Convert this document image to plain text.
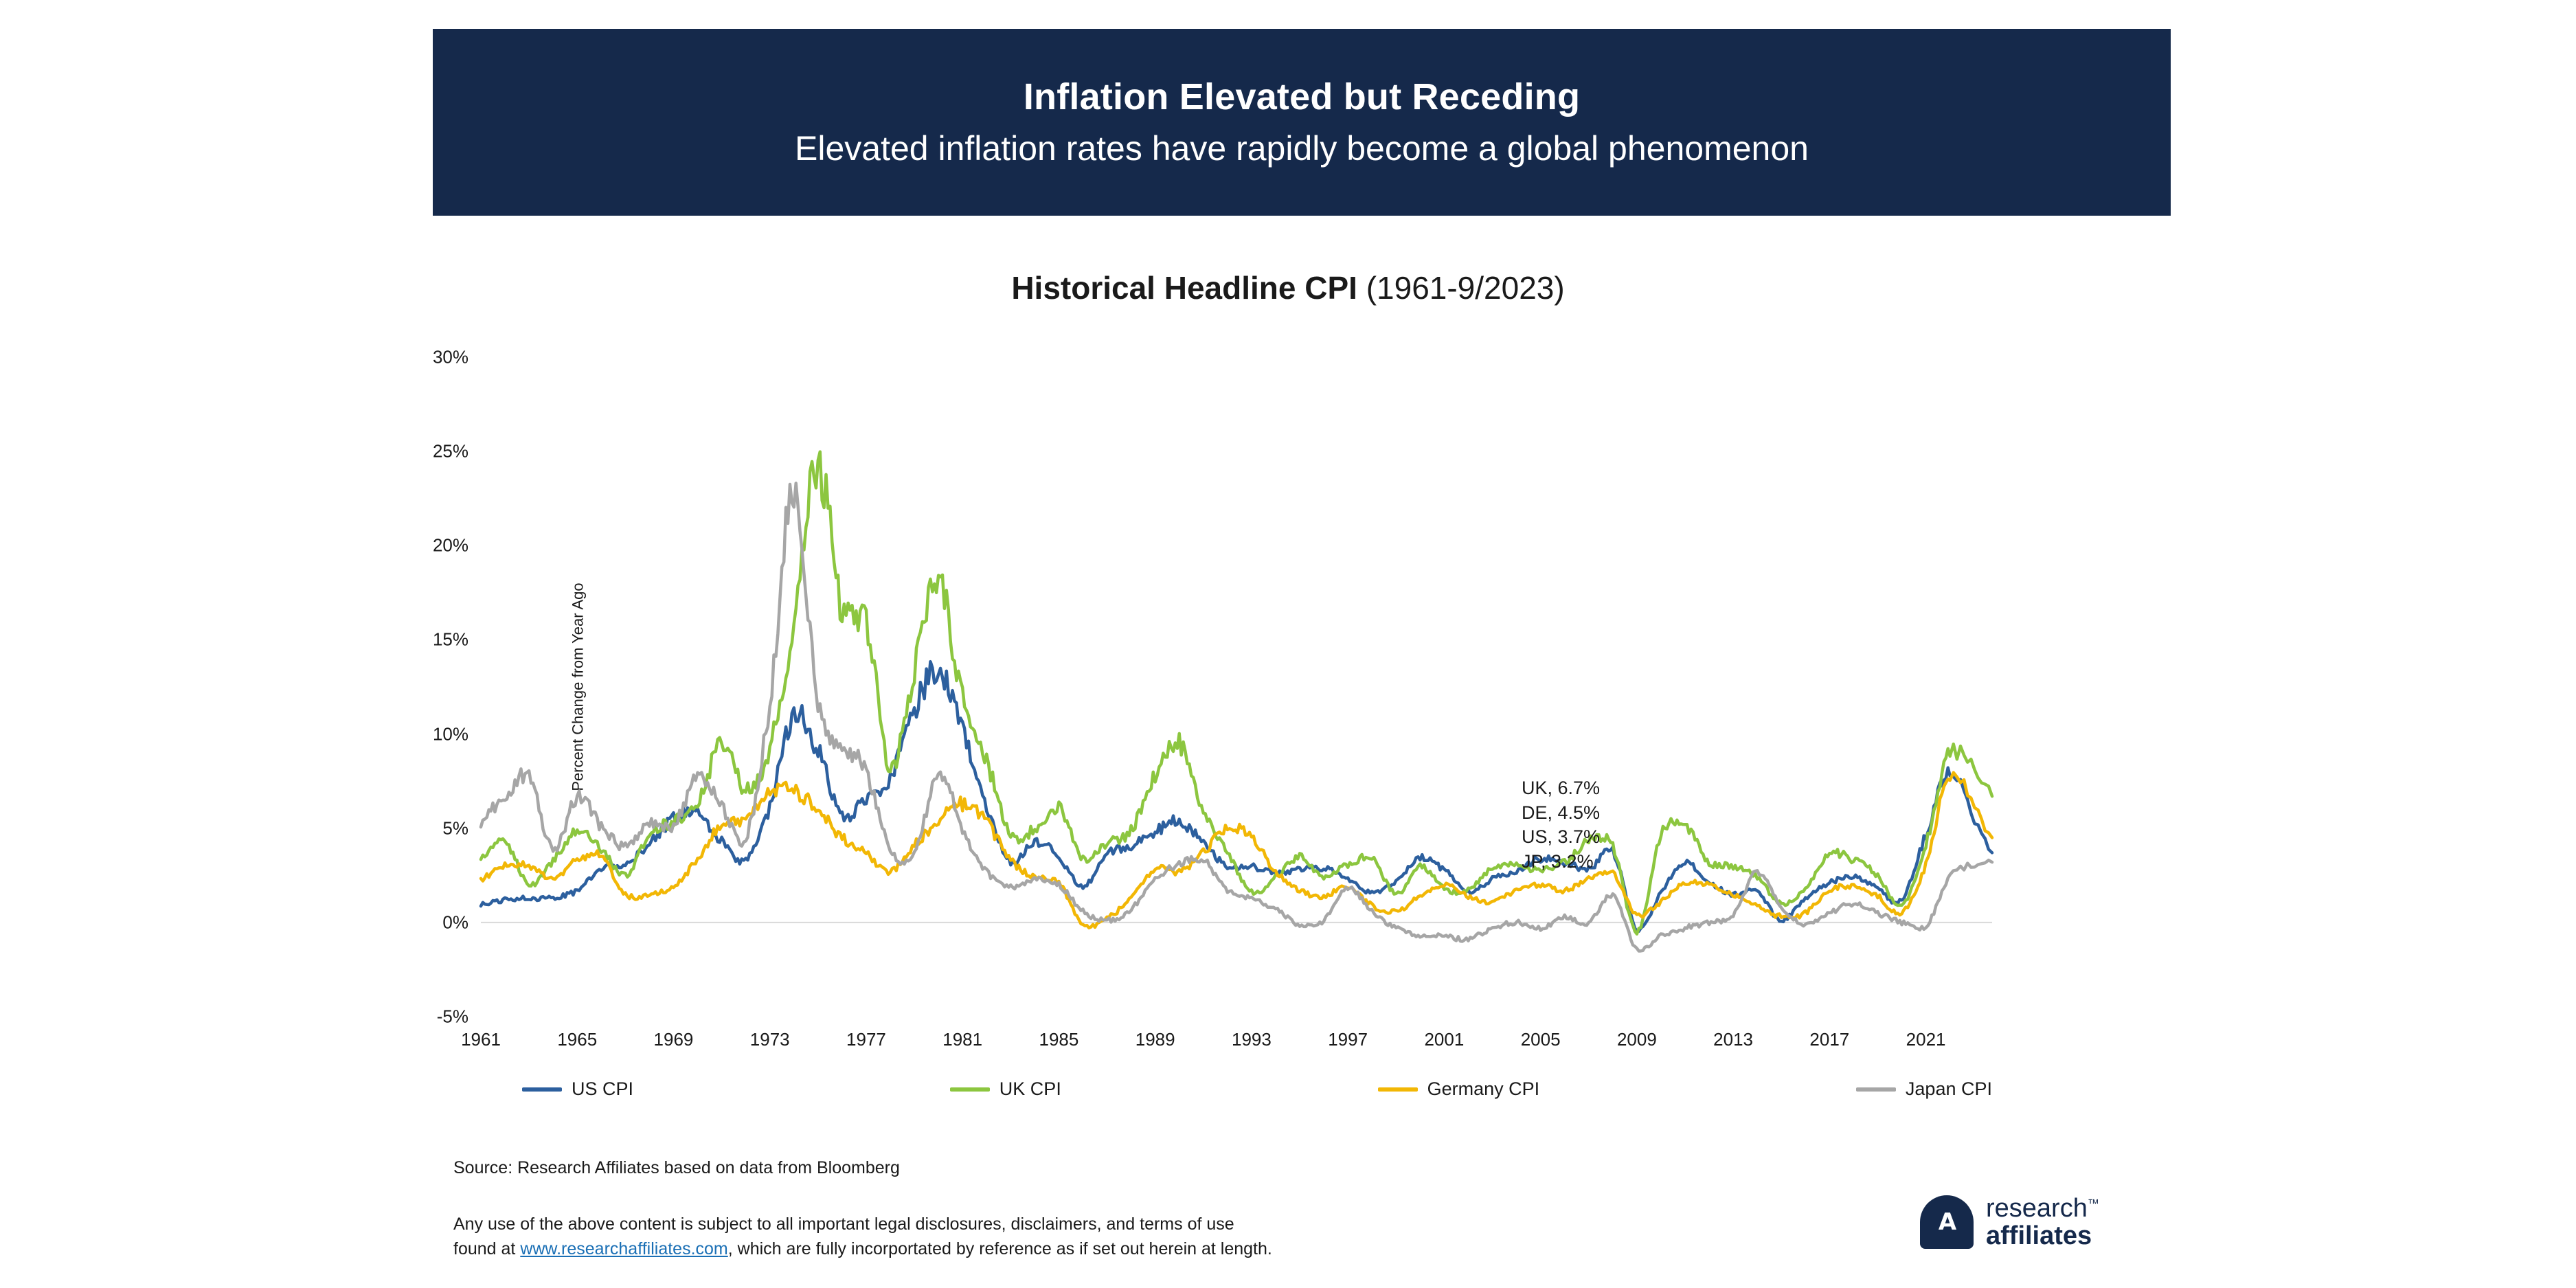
Inflation Elevated but Receding
Elevated inflation rates have rapidly become a global phenomenon
Historical Headline CPI (1961-9/2023)
Percent Change from Year Ago
-5%
0%
5%
10%
15%
20%
25%
30%
1961	1965	1969	1973	1977	1981	1985	1989	1993	1997	2001	2005	2009	2013	2017	2021
UK, 6.7%
DE, 4.5%
US, 3.7%
JP, 3.2%
US CPI	UK CPI	Germany CPI	Japan CPI
Source: Research Affiliates based on data from Bloomberg
Any use of the above content is subject to all important legal disclosures, disclaimers, and terms of use
found at www.researchaffiliates.com, which are fully incorportated by reference as if set out herein at length.
A research™
affiliates
